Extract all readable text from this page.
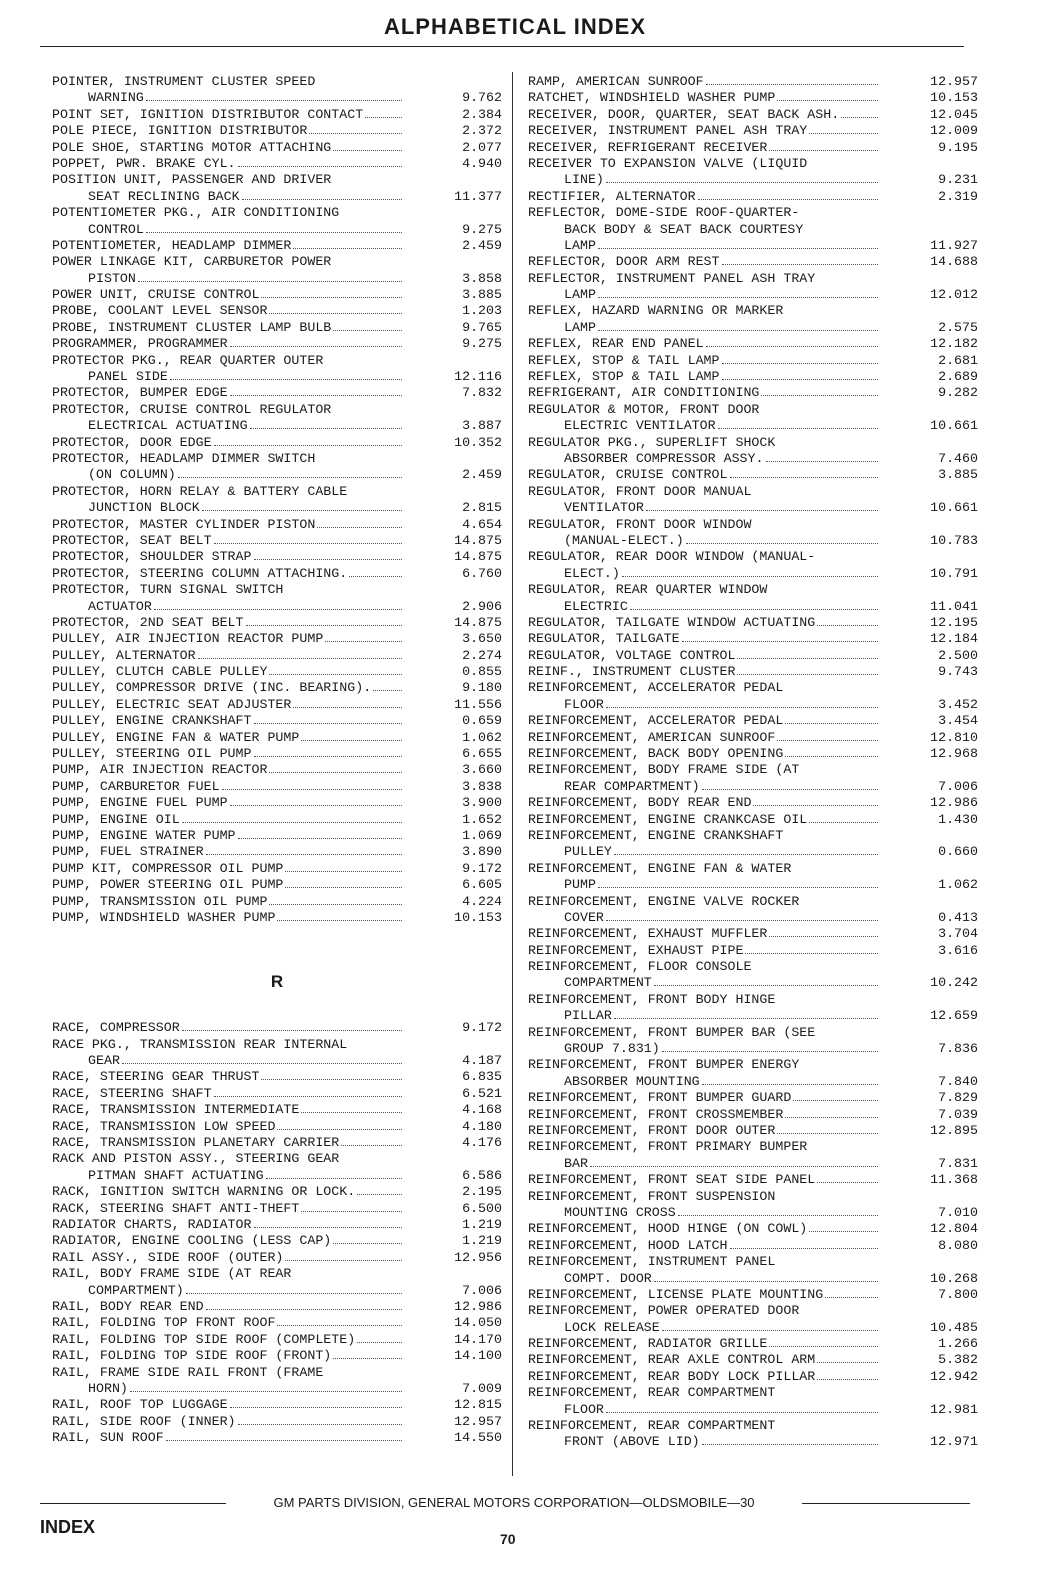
ALPHABETICAL INDEX
POINTER, INSTRUMENT CLUSTER SPEED
WARNING	9.762
POINT SET, IGNITION DISTRIBUTOR CONTACT	2.384
POLE PIECE, IGNITION DISTRIBUTOR	2.372
POLE SHOE, STARTING MOTOR ATTACHING	2.077
POPPET, PWR. BRAKE CYL.	4.940
POSITION UNIT, PASSENGER AND DRIVER
SEAT RECLINING BACK	11.377
POTENTIOMETER PKG., AIR CONDITIONING
CONTROL	9.275
POTENTIOMETER, HEADLAMP DIMMER	2.459
POWER LINKAGE KIT, CARBURETOR POWER
PISTON	3.858
POWER UNIT, CRUISE CONTROL	3.885
PROBE, COOLANT LEVEL SENSOR	1.203
PROBE, INSTRUMENT CLUSTER LAMP BULB	9.765
PROGRAMMER, PROGRAMMER	9.275
PROTECTOR PKG., REAR QUARTER OUTER
PANEL SIDE	12.116
PROTECTOR, BUMPER EDGE	7.832
PROTECTOR, CRUISE CONTROL REGULATOR
ELECTRICAL ACTUATING	3.887
PROTECTOR, DOOR EDGE	10.352
PROTECTOR, HEADLAMP DIMMER SWITCH
(ON COLUMN)	2.459
PROTECTOR, HORN RELAY & BATTERY CABLE
JUNCTION BLOCK	2.815
PROTECTOR, MASTER CYLINDER PISTON	4.654
PROTECTOR, SEAT BELT	14.875
PROTECTOR, SHOULDER STRAP	14.875
PROTECTOR, STEERING COLUMN ATTACHING.	6.760
PROTECTOR, TURN SIGNAL SWITCH
ACTUATOR	2.906
PROTECTOR, 2ND SEAT BELT	14.875
PULLEY, AIR INJECTION REACTOR PUMP	3.650
PULLEY, ALTERNATOR	2.274
PULLEY, CLUTCH CABLE PULLEY	0.855
PULLEY, COMPRESSOR DRIVE (INC. BEARING).	9.180
PULLEY, ELECTRIC SEAT ADJUSTER	11.556
PULLEY, ENGINE CRANKSHAFT	0.659
PULLEY, ENGINE FAN & WATER PUMP	1.062
PULLEY, STEERING OIL PUMP	6.655
PUMP, AIR INJECTION REACTOR	3.660
PUMP, CARBURETOR FUEL	3.838
PUMP, ENGINE FUEL PUMP	3.900
PUMP, ENGINE OIL	1.652
PUMP, ENGINE WATER PUMP	1.069
PUMP, FUEL STRAINER	3.890
PUMP KIT, COMPRESSOR OIL PUMP	9.172
PUMP, POWER STEERING OIL PUMP	6.605
PUMP, TRANSMISSION OIL PUMP	4.224
PUMP, WINDSHIELD WASHER PUMP	10.153
R
RACE, COMPRESSOR	9.172
RACE PKG., TRANSMISSION REAR INTERNAL
GEAR	4.187
RACE, STEERING GEAR THRUST	6.835
RACE, STEERING SHAFT	6.521
RACE, TRANSMISSION INTERMEDIATE	4.168
RACE, TRANSMISSION LOW SPEED	4.180
RACE, TRANSMISSION PLANETARY CARRIER	4.176
RACK AND PISTON ASSY., STEERING GEAR
PITMAN SHAFT ACTUATING	6.586
RACK, IGNITION SWITCH WARNING OR LOCK.	2.195
RACK, STEERING SHAFT ANTI-THEFT	6.500
RADIATOR CHARTS, RADIATOR	1.219
RADIATOR, ENGINE COOLING (LESS CAP)	1.219
RAIL ASSY., SIDE ROOF (OUTER)	12.956
RAIL, BODY FRAME SIDE (AT REAR
COMPARTMENT)	7.006
RAIL, BODY REAR END	12.986
RAIL, FOLDING TOP FRONT ROOF	14.050
RAIL, FOLDING TOP SIDE ROOF (COMPLETE)	14.170
RAIL, FOLDING TOP SIDE ROOF (FRONT)	14.100
RAIL, FRAME SIDE RAIL FRONT (FRAME
HORN)	7.009
RAIL, ROOF TOP LUGGAGE	12.815
RAIL, SIDE ROOF (INNER)	12.957
RAIL, SUN ROOF	14.550
RAMP, AMERICAN SUNROOF	12.957
RATCHET, WINDSHIELD WASHER PUMP	10.153
RECEIVER, DOOR, QUARTER, SEAT BACK ASH.	12.045
RECEIVER, INSTRUMENT PANEL ASH TRAY	12.009
RECEIVER, REFRIGERANT RECEIVER	9.195
RECEIVER TO EXPANSION VALVE (LIQUID
LINE)	9.231
RECTIFIER, ALTERNATOR	2.319
REFLECTOR, DOME-SIDE ROOF-QUARTER-
BACK BODY & SEAT BACK COURTESY
LAMP	11.927
REFLECTOR, DOOR ARM REST	14.688
REFLECTOR, INSTRUMENT PANEL ASH TRAY
LAMP	12.012
REFLEX, HAZARD WARNING OR MARKER
LAMP	2.575
REFLEX, REAR END PANEL	12.182
REFLEX, STOP & TAIL LAMP	2.681
REFLEX, STOP & TAIL LAMP	2.689
REFRIGERANT, AIR CONDITIONING	9.282
REGULATOR & MOTOR, FRONT DOOR
ELECTRIC VENTILATOR	10.661
REGULATOR PKG., SUPERLIFT SHOCK
ABSORBER COMPRESSOR ASSY.	7.460
REGULATOR, CRUISE CONTROL	3.885
REGULATOR, FRONT DOOR MANUAL
VENTILATOR	10.661
REGULATOR, FRONT DOOR WINDOW
(MANUAL-ELECT.)	10.783
REGULATOR, REAR DOOR WINDOW (MANUAL-
ELECT.)	10.791
REGULATOR, REAR QUARTER WINDOW
ELECTRIC	11.041
REGULATOR, TAILGATE WINDOW ACTUATING	12.195
REGULATOR, TAILGATE	12.184
REGULATOR, VOLTAGE CONTROL	2.500
REINF., INSTRUMENT CLUSTER	9.743
REINFORCEMENT, ACCELERATOR PEDAL
FLOOR	3.452
REINFORCEMENT, ACCELERATOR PEDAL	3.454
REINFORCEMENT, AMERICAN SUNROOF	12.810
REINFORCEMENT, BACK BODY OPENING	12.968
REINFORCEMENT, BODY FRAME SIDE (AT
REAR COMPARTMENT)	7.006
REINFORCEMENT, BODY REAR END	12.986
REINFORCEMENT, ENGINE CRANKCASE OIL	1.430
REINFORCEMENT, ENGINE CRANKSHAFT
PULLEY	0.660
REINFORCEMENT, ENGINE FAN & WATER
PUMP	1.062
REINFORCEMENT, ENGINE VALVE ROCKER
COVER	0.413
REINFORCEMENT, EXHAUST MUFFLER	3.704
REINFORCEMENT, EXHAUST PIPE	3.616
REINFORCEMENT, FLOOR CONSOLE
COMPARTMENT	10.242
REINFORCEMENT, FRONT BODY HINGE
PILLAR	12.659
REINFORCEMENT, FRONT BUMPER BAR (SEE
GROUP 7.831)	7.836
REINFORCEMENT, FRONT BUMPER ENERGY
ABSORBER MOUNTING	7.840
REINFORCEMENT, FRONT BUMPER GUARD	7.829
REINFORCEMENT, FRONT CROSSMEMBER	7.039
REINFORCEMENT, FRONT DOOR OUTER	12.895
REINFORCEMENT, FRONT PRIMARY BUMPER
BAR	7.831
REINFORCEMENT, FRONT SEAT SIDE PANEL	11.368
REINFORCEMENT, FRONT SUSPENSION
MOUNTING CROSS	7.010
REINFORCEMENT, HOOD HINGE (ON COWL)	12.804
REINFORCEMENT, HOOD LATCH	8.080
REINFORCEMENT, INSTRUMENT PANEL
COMPT. DOOR	10.268
REINFORCEMENT, LICENSE PLATE MOUNTING	7.800
REINFORCEMENT, POWER OPERATED DOOR
LOCK RELEASE	10.485
REINFORCEMENT, RADIATOR GRILLE	1.266
REINFORCEMENT, REAR AXLE CONTROL ARM	5.382
REINFORCEMENT, REAR BODY LOCK PILLAR	12.942
REINFORCEMENT, REAR COMPARTMENT
FLOOR	12.981
REINFORCEMENT, REAR COMPARTMENT
FRONT (ABOVE LID)	12.971
GM PARTS DIVISION, GENERAL MOTORS CORPORATION—OLDSMOBILE—30
INDEX
70
